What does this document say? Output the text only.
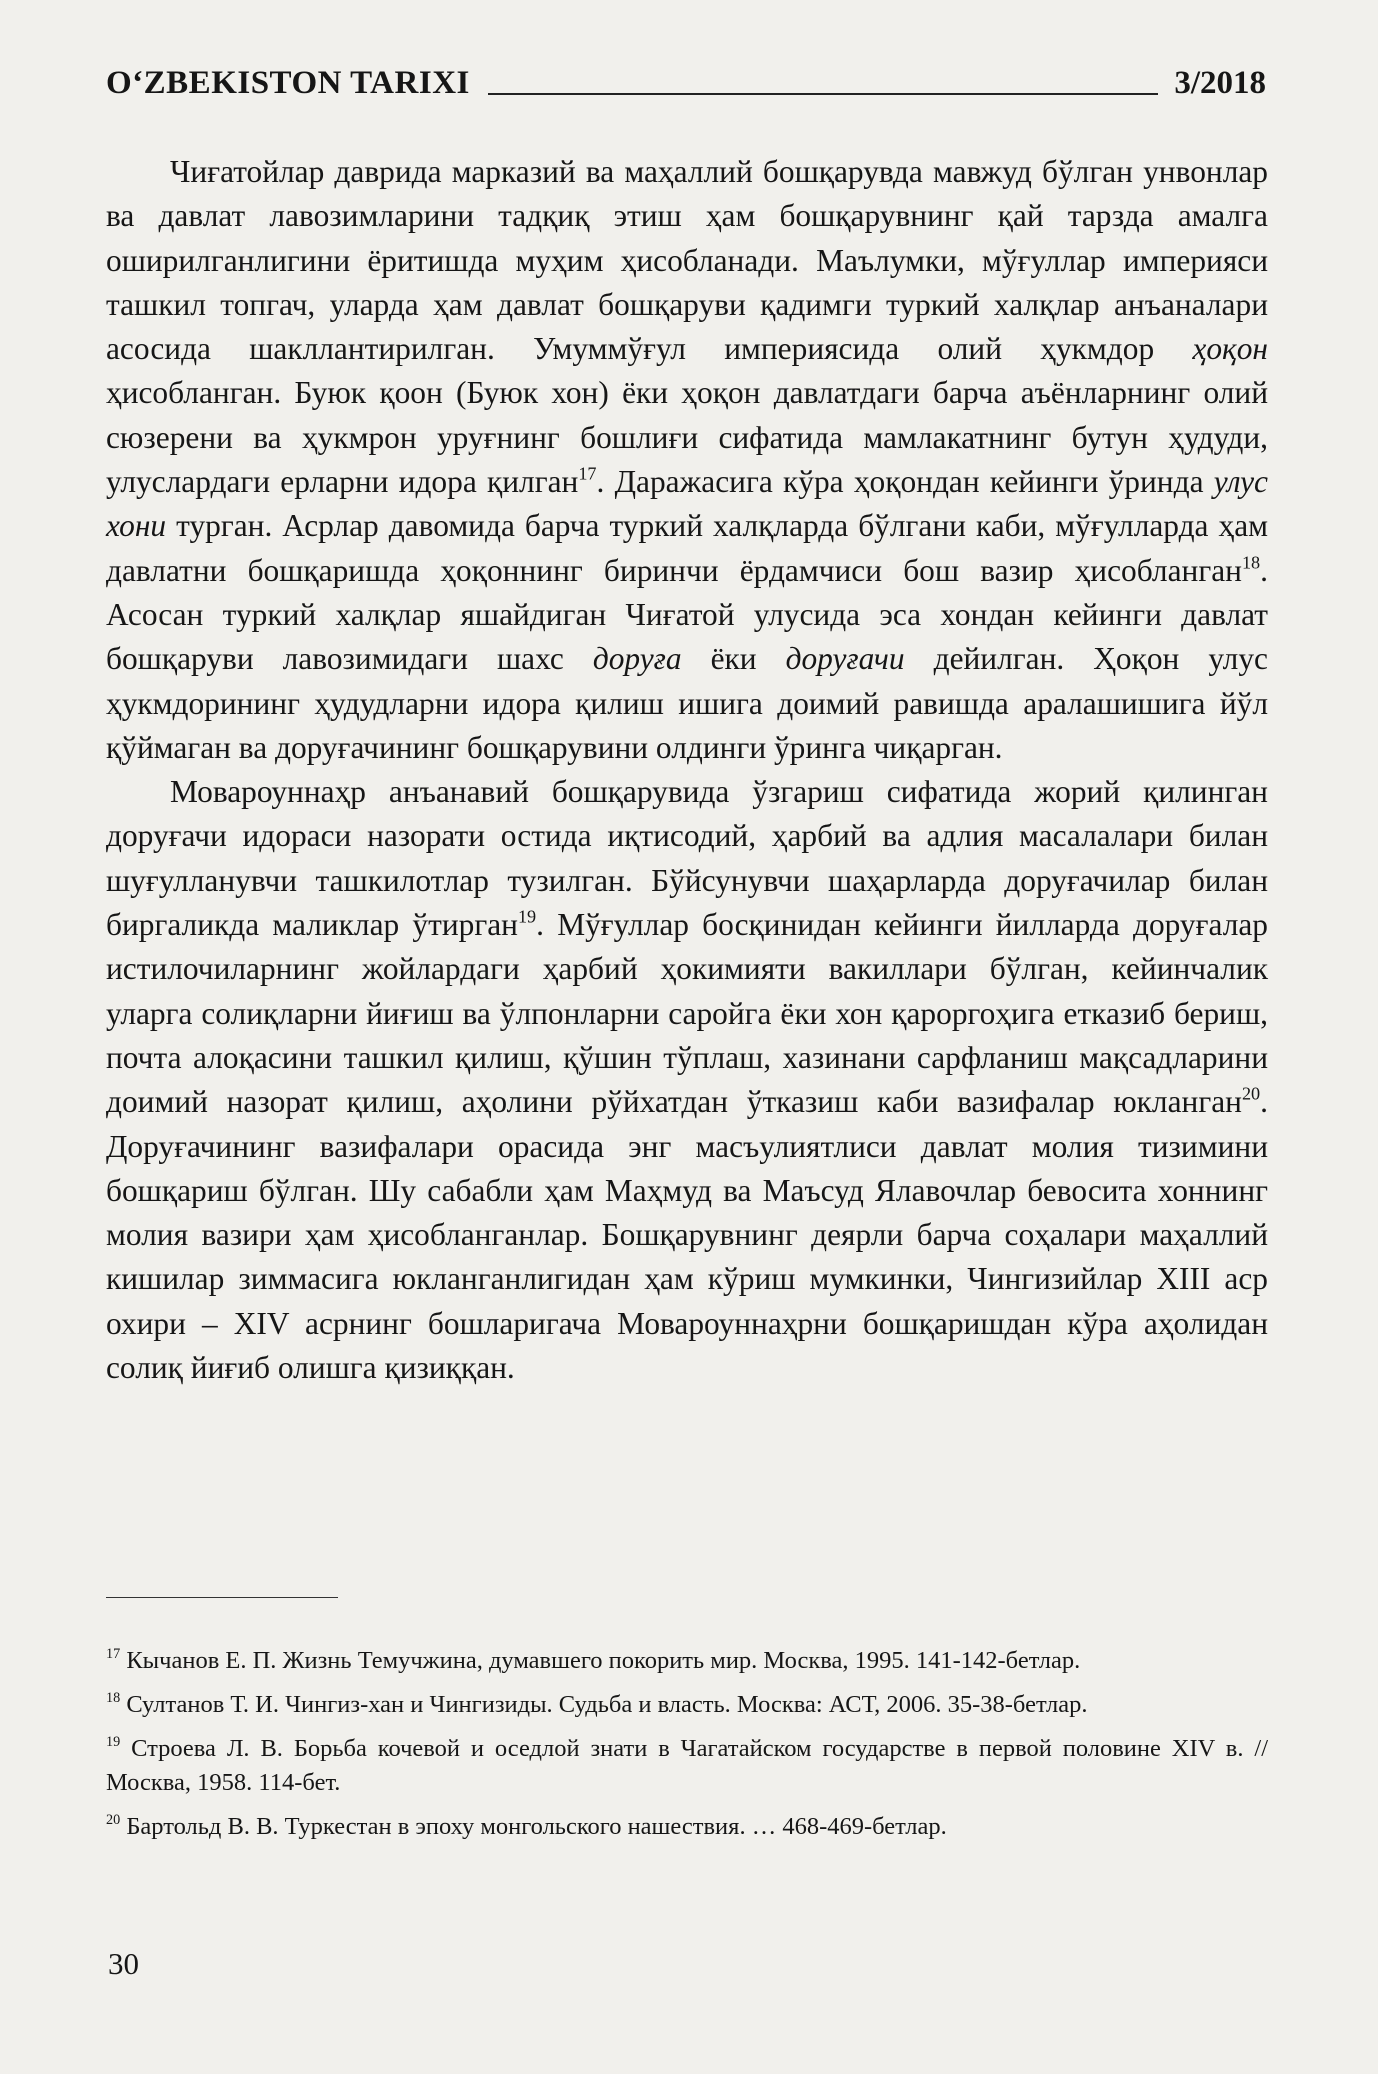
O‘ZBEKISTON TARIXI	3/2018

Чиғатойлар даврида марказий ва маҳаллий бошқарувда мавжуд бўлган унвонлар ва давлат лавозимларини тадқиқ этиш ҳам бошқарувнинг қай тарзда амалга оширилганлигини ёритишда муҳим ҳисобланади. Маълумки, мўғуллар империяси ташкил топгач, уларда ҳам давлат бошқаруви қадимги туркий халқлар анъаналари асосида шакллантирилган. Умуммўғул империясида олий ҳукмдор ҳоқон ҳисобланган. Буюк қоон (Буюк хон) ёки ҳоқон давлатдаги барча аъёнларнинг олий сюзерени ва ҳукмрон уруғнинг бошлиғи сифатида мамлакатнинг бутун ҳудуди, улуслардаги ерларни идора қилган$^{17}$. Даражасига кўра ҳоқондан кейинги ўринда улус хони турган. Асрлар давомида барча туркий халқларда бўлгани каби, мўғулларда ҳам давлатни бошқаришда ҳоқоннинг биринчи ёрдамчиси бош вазир ҳисобланган$^{18}$. Асосан туркий халқлар яшайдиган Чиғатой улусида эса хондан кейинги давлат бошқаруви лавозимидаги шахс доруға ёки доруғачи дейилган. Ҳоқон улус ҳукмдорининг ҳудудларни идора қилиш ишига доимий равишда аралашишига йўл қўймаган ва доруғачининг бошқарувини олдинги ўринга чиқарган.

Мовароуннаҳр анъанавий бошқарувида ўзгариш сифатида жорий қилинган доруғачи идораси назорати остида иқтисодий, ҳарбий ва адлия масалалари билан шуғулланувчи ташкилотлар тузилган. Бўйсунувчи шаҳарларда доруғачилар билан биргаликда маликлар ўтирган$^{19}$. Мўғуллар босқинидан кейинги йилларда доруғалар истилочиларнинг жойлардаги ҳарбий ҳокимияти вакиллари бўлган, кейинчалик уларга солиқларни йиғиш ва ўлпонларни саройга ёки хон қароргоҳига етказиб бериш, почта алоқасини ташкил қилиш, қўшин тўплаш, хазинани сарфланиш мақсадларини доимий назорат қилиш, аҳолини рўйхатдан ўтказиш каби вазифалар юкланган$^{20}$. Доруғачининг вазифалари орасида энг масъулиятлиси давлат молия тизимини бошқариш бўлган. Шу сабабли ҳам Маҳмуд ва Маъсуд Ялавочлар бевосита хоннинг молия вазири ҳам ҳисобланганлар. Бошқарувнинг деярли барча соҳалари маҳаллий кишилар зиммасига юкланганлигидан ҳам кўриш мумкинки, Чингизийлар XIII аср охири – XIV асрнинг бошларигача Мовароуннаҳрни бошқаришдан кўра аҳолидан солиқ йиғиб олишга қизиққан.

$^{17}$ Кычанов Е. П. Жизнь Темучжина, думавшего покорить мир. Москва, 1995. 141-142-бетлар.

$^{18}$ Султанов Т. И. Чингиз-хан и Чингизиды. Судьба и власть. Москва: АСТ, 2006. 35-38-бетлар.

$^{19}$ Строева Л. В. Борьба кочевой и оседлой знати в Чагатайском государстве в первой половине XIV в. // Москва, 1958. 114-бет.

$^{20}$ Бартольд В. В. Туркестан в эпоху монгольского нашествия. … 468-469-бетлар.

30
